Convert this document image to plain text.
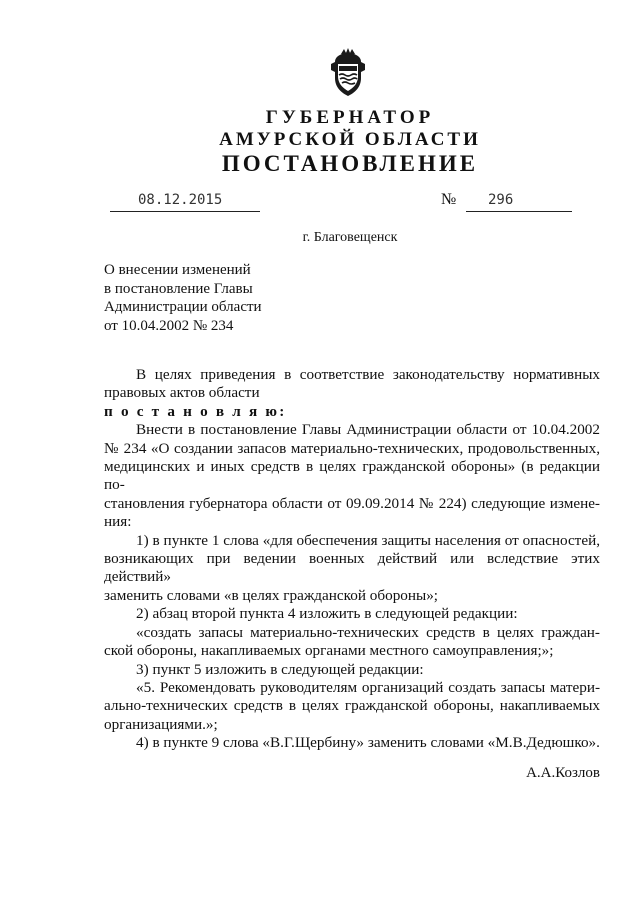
ГУБЕРНАТОР
АМУРСКОЙ ОБЛАСТИ
ПОСТАНОВЛЕНИЕ
08.12.2015	№ 296
г. Благовещенск
О внесении изменений
в постановление Главы
Администрации области
от 10.04.2002 № 234
В целях приведения в соответствие законодательству нормативных
правовых актов области
п о с т а н о в л я ю:
Внести в постановление Главы Администрации области от 10.04.2002
№ 234 «О создании запасов материально-технических, продовольственных,
медицинских и иных средств в целях гражданской обороны» (в редакции по-
становления губернатора области от 09.09.2014 № 224) следующие измене-
ния:
1) в пункте 1 слова «для обеспечения защиты населения от опасностей,
возникающих при ведении военных действий или вследствие этих действий»
заменить словами «в целях гражданской обороны»;
2) абзац второй пункта 4 изложить в следующей редакции:
«создать запасы материально-технических средств в целях граждан-
ской обороны, накапливаемых органами местного самоуправления;»;
3) пункт 5 изложить в следующей редакции:
«5. Рекомендовать руководителям организаций создать запасы матери-
ально-технических средств в целях гражданской обороны, накапливаемых
организациями.»;
4) в пункте 9 слова «В.Г.Щербину» заменить словами «М.В.Дедюшко».
А.А.Козлов
